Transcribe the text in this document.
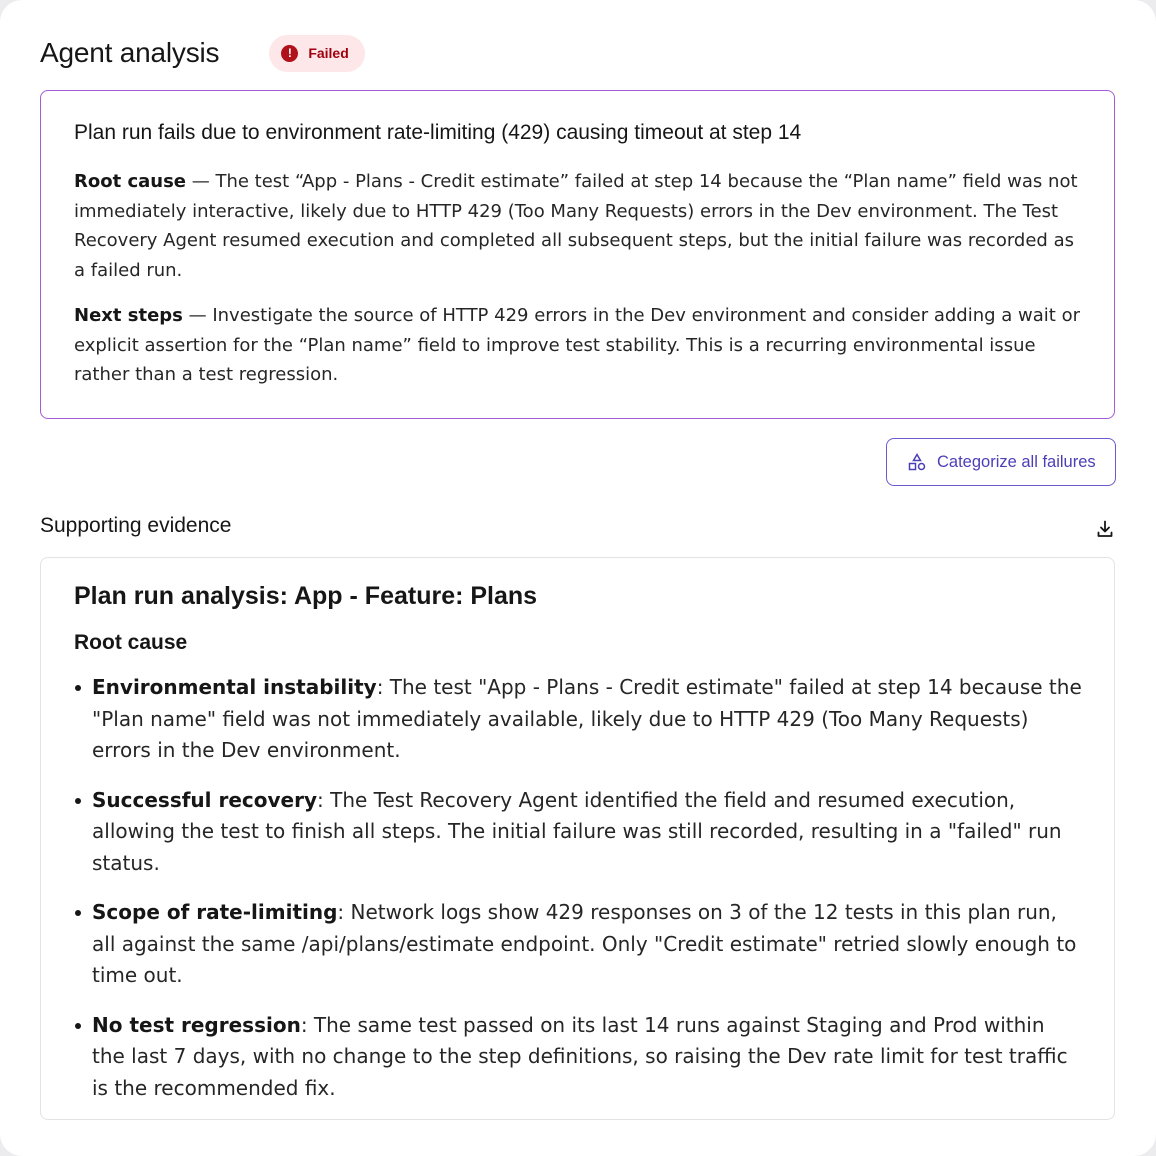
Agent analysis	!	Failed
Plan run fails due to environment rate-limiting (429) causing timeout at step 14

Root cause — The test “App - Plans - Credit estimate” failed at step 14 because the “Plan name” field was not immediately interactive, likely due to HTTP 429 (Too Many Requests) errors in the Dev environment. The Test Recovery Agent resumed execution and completed all subsequent steps, but the initial failure was recorded as a failed run.

Next steps — Investigate the source of HTTP 429 errors in the Dev environment and consider adding a wait or explicit assertion for the “Plan name” field to improve test stability. This is a recurring environmental issue rather than a test regression.

Categorize all failures
Supporting evidence
Plan run analysis: App - Feature: Plans
Root cause
Environmental instability: The test "App - Plans - Credit estimate" failed at step 14 because the "Plan name" field was not immediately available, likely due to HTTP 429 (Too Many Requests) errors in the Dev environment.
Successful recovery: The Test Recovery Agent identified the field and resumed execution, allowing the test to finish all steps. The initial failure was still recorded, resulting in a "failed" run status.
Scope of rate-limiting: Network logs show 429 responses on 3 of the 12 tests in this plan run, all against the same /api/plans/estimate endpoint. Only "Credit estimate" retried slowly enough to time out.
No test regression: The same test passed on its last 14 runs against Staging and Prod within the last 7 days, with no change to the step definitions, so raising the Dev rate limit for test traffic is the recommended fix.
